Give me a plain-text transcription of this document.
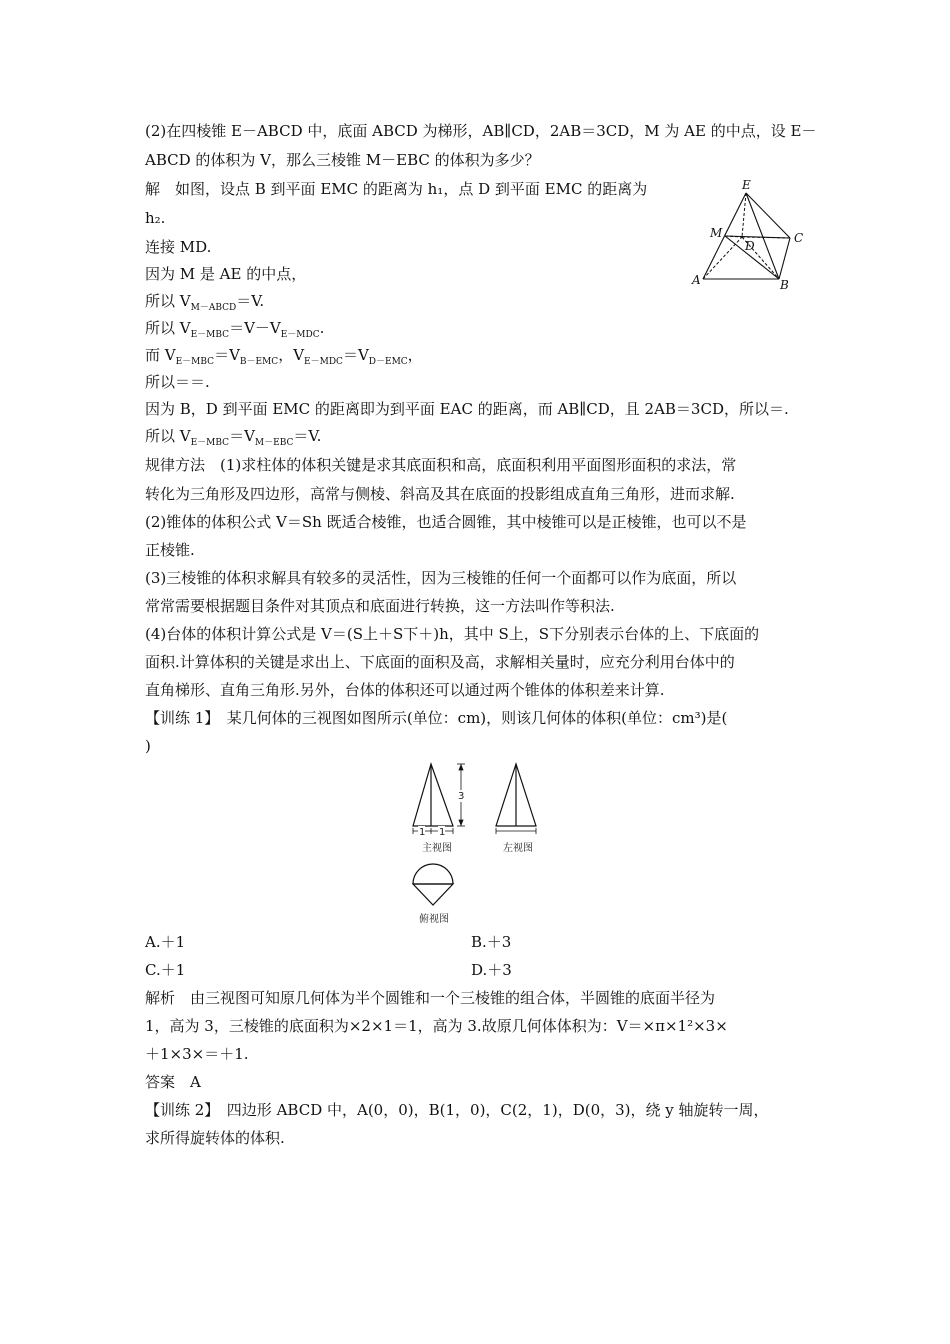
(2)在四棱锥 E－ABCD 中，底面 ABCD 为梯形，AB∥CD，2AB＝3CD，M 为 AE 的中点，设 E－
ABCD 的体积为 V，那么三棱锥 M－EBC 的体积为多少？
解　如图，设点 B 到平面 EMC 的距离为 h₁，点 D 到平面 EMC 的距离为
h₂.
连接 MD.
因为 M 是 AE 的中点，
所以 $V_{M-ABCD}=V$.
所以 $V_{E-MBC}=V-V_{E-MDC}$.
而 $V_{E-MBC}=V_{B-EMC}$，$V_{E-MDC}=V_{D-EMC}$，
所以＝＝.
因为 B，D 到平面 EMC 的距离即为到平面 EAC 的距离，而 AB∥CD，且 2AB＝3CD，所以＝.
所以 $V_{E-MBC}=V_{M-EBC}=V$.
E
M
D
C
A	B
规律方法　(1)求柱体的体积关键是求其底面积和高，底面积利用平面图形面积的求法，常
转化为三角形及四边形，高常与侧棱、斜高及其在底面的投影组成直角三角形，进而求解.
(2)锥体的体积公式 V＝Sh 既适合棱锥，也适合圆锥，其中棱锥可以是正棱锥，也可以不是
正棱锥.
(3)三棱锥的体积求解具有较多的灵活性，因为三棱锥的任何一个面都可以作为底面，所以
常常需要根据题目条件对其顶点和底面进行转换，这一方法叫作等积法.
(4)台体的体积计算公式是 V＝(S上＋S下＋)h，其中 S上，S下分别表示台体的上、下底面的
面积.计算体积的关键是求出上、下底面的面积及高，求解相关量时，应充分利用台体中的
直角梯形、直角三角形.另外，台体的体积还可以通过两个锥体的体积差来计算.
【训练 1】　某几何体的三视图如图所示(单位：cm)，则该几何体的体积(单位：cm³)是(
)
3
1 1
主视图	左视图
俯视图
A.＋1	B.＋3
C.＋1	D.＋3
解析　由三视图可知原几何体为半个圆锥和一个三棱锥的组合体，半圆锥的底面半径为
1，高为 3，三棱锥的底面积为×2×1＝1，高为 3.故原几何体体积为：V＝×π×1²×3×
＋1×3×＝＋1.
答案　A
【训练 2】　四边形 ABCD 中，A(0，0)，B(1，0)，C(2，1)，D(0，3)，绕 y 轴旋转一周，
求所得旋转体的体积.
